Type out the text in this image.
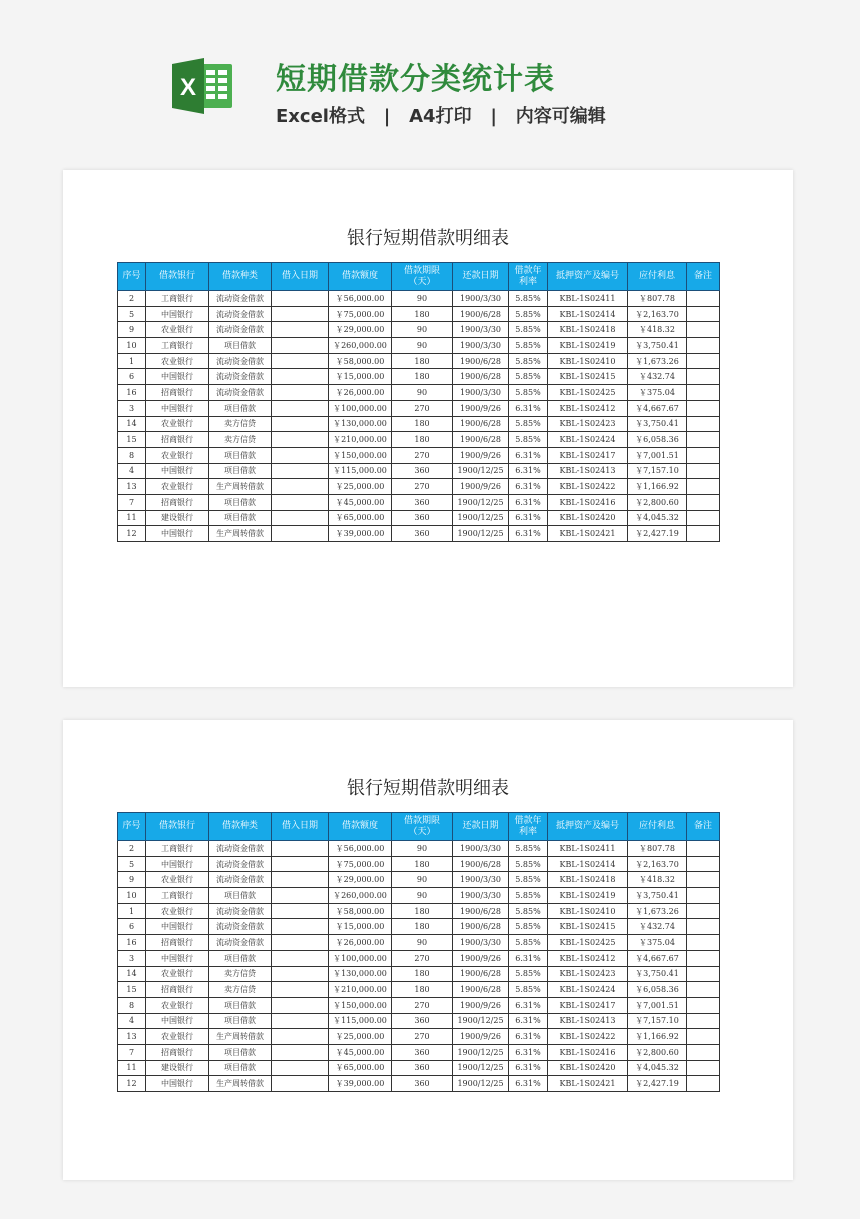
X	短期借款分类统计表
Excel格式   |   A4打印   |   内容可编辑
银行短期借款明细表
序号	借款银行	借款种类	借入日期	借款额度	借款期限（天）	还款日期	借款年利率	抵押资产及编号	应付利息	备注
2	工商银行	流动资金借款		￥56,000.00	90	1900/3/30	5.85%	KBL-1S02411	￥807.78	
5	中国银行	流动资金借款		￥75,000.00	180	1900/6/28	5.85%	KBL-1S02414	￥2,163.70	
9	农业银行	流动资金借款		￥29,000.00	90	1900/3/30	5.85%	KBL-1S02418	￥418.32	
10	工商银行	项目借款		￥260,000.00	90	1900/3/30	5.85%	KBL-1S02419	￥3,750.41	
1	农业银行	流动资金借款		￥58,000.00	180	1900/6/28	5.85%	KBL-1S02410	￥1,673.26	
6	中国银行	流动资金借款		￥15,000.00	180	1900/6/28	5.85%	KBL-1S02415	￥432.74	
16	招商银行	流动资金借款		￥26,000.00	90	1900/3/30	5.85%	KBL-1S02425	￥375.04	
3	中国银行	项目借款		￥100,000.00	270	1900/9/26	6.31%	KBL-1S02412	￥4,667.67	
14	农业银行	卖方信贷		￥130,000.00	180	1900/6/28	5.85%	KBL-1S02423	￥3,750.41	
15	招商银行	卖方信贷		￥210,000.00	180	1900/6/28	5.85%	KBL-1S02424	￥6,058.36	
8	农业银行	项目借款		￥150,000.00	270	1900/9/26	6.31%	KBL-1S02417	￥7,001.51	
4	中国银行	项目借款		￥115,000.00	360	1900/12/25	6.31%	KBL-1S02413	￥7,157.10	
13	农业银行	生产周转借款		￥25,000.00	270	1900/9/26	6.31%	KBL-1S02422	￥1,166.92	
7	招商银行	项目借款		￥45,000.00	360	1900/12/25	6.31%	KBL-1S02416	￥2,800.60	
11	建设银行	项目借款		￥65,000.00	360	1900/12/25	6.31%	KBL-1S02420	￥4,045.32	
12	中国银行	生产周转借款		￥39,000.00	360	1900/12/25	6.31%	KBL-1S02421	￥2,427.19	
银行短期借款明细表
序号	借款银行	借款种类	借入日期	借款额度	借款期限（天）	还款日期	借款年利率	抵押资产及编号	应付利息	备注
2	工商银行	流动资金借款		￥56,000.00	90	1900/3/30	5.85%	KBL-1S02411	￥807.78	
5	中国银行	流动资金借款		￥75,000.00	180	1900/6/28	5.85%	KBL-1S02414	￥2,163.70	
9	农业银行	流动资金借款		￥29,000.00	90	1900/3/30	5.85%	KBL-1S02418	￥418.32	
10	工商银行	项目借款		￥260,000.00	90	1900/3/30	5.85%	KBL-1S02419	￥3,750.41	
1	农业银行	流动资金借款		￥58,000.00	180	1900/6/28	5.85%	KBL-1S02410	￥1,673.26	
6	中国银行	流动资金借款		￥15,000.00	180	1900/6/28	5.85%	KBL-1S02415	￥432.74	
16	招商银行	流动资金借款		￥26,000.00	90	1900/3/30	5.85%	KBL-1S02425	￥375.04	
3	中国银行	项目借款		￥100,000.00	270	1900/9/26	6.31%	KBL-1S02412	￥4,667.67	
14	农业银行	卖方信贷		￥130,000.00	180	1900/6/28	5.85%	KBL-1S02423	￥3,750.41	
15	招商银行	卖方信贷		￥210,000.00	180	1900/6/28	5.85%	KBL-1S02424	￥6,058.36	
8	农业银行	项目借款		￥150,000.00	270	1900/9/26	6.31%	KBL-1S02417	￥7,001.51	
4	中国银行	项目借款		￥115,000.00	360	1900/12/25	6.31%	KBL-1S02413	￥7,157.10	
13	农业银行	生产周转借款		￥25,000.00	270	1900/9/26	6.31%	KBL-1S02422	￥1,166.92	
7	招商银行	项目借款		￥45,000.00	360	1900/12/25	6.31%	KBL-1S02416	￥2,800.60	
11	建设银行	项目借款		￥65,000.00	360	1900/12/25	6.31%	KBL-1S02420	￥4,045.32	
12	中国银行	生产周转借款		￥39,000.00	360	1900/12/25	6.31%	KBL-1S02421	￥2,427.19	
